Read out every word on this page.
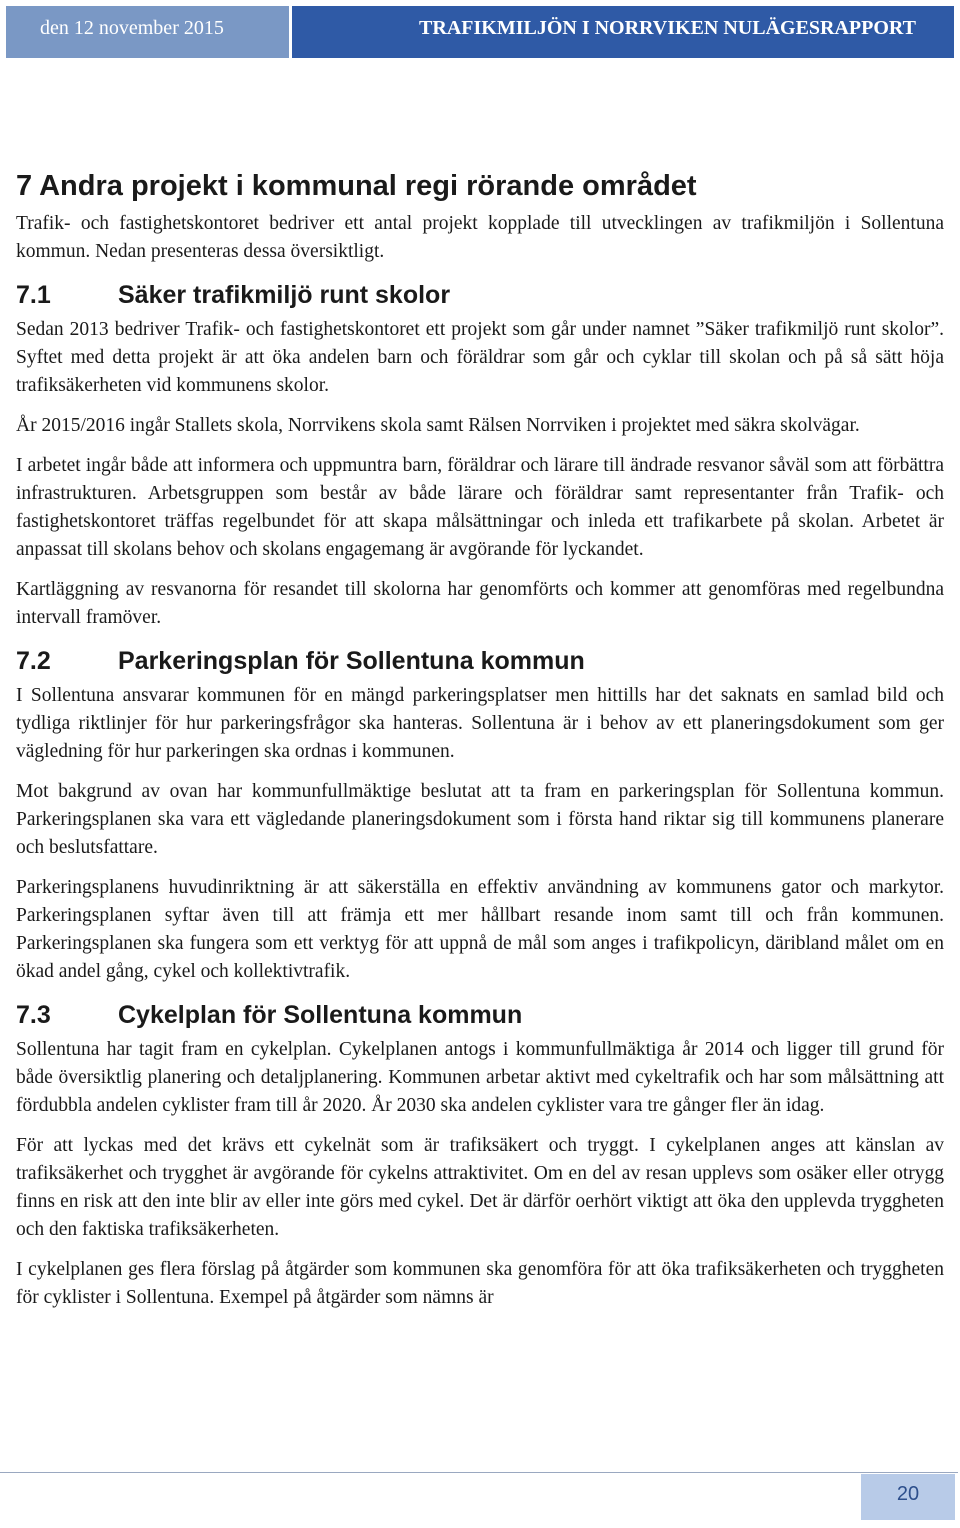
den 12 november 2015	TRAFIKMILJÖN I NORRVIKEN NULÄGESRAPPORT
7 Andra projekt i kommunal regi rörande området

Trafik- och fastighetskontoret bedriver ett antal projekt kopplade till utvecklingen av trafikmiljön i Sollentuna kommun. Nedan presenteras dessa översiktligt.

7.1	Säker trafikmiljö runt skolor

Sedan 2013 bedriver Trafik- och fastighetskontoret ett projekt som går under namnet ”Säker trafikmiljö runt skolor”. Syftet med detta projekt är att öka andelen barn och föräldrar som går och cyklar till skolan och på så sätt höja trafiksäkerheten vid kommunens skolor.

År 2015/2016 ingår Stallets skola, Norrvikens skola samt Rälsen Norrviken i projektet med säkra skolvägar.

I arbetet ingår både att informera och uppmuntra barn, föräldrar och lärare till ändrade resvanor såväl som att förbättra infrastrukturen. Arbetsgruppen som består av både lärare och föräldrar samt representanter från Trafik- och fastighetskontoret träffas regelbundet för att skapa målsättningar och inleda ett trafikarbete på skolan. Arbetet är anpassat till skolans behov och skolans engagemang är avgörande för lyckandet.

Kartläggning av resvanorna för resandet till skolorna har genomförts och kommer att genomföras med regelbundna intervall framöver.

7.2	Parkeringsplan för Sollentuna kommun

I Sollentuna ansvarar kommunen för en mängd parkeringsplatser men hittills har det saknats en samlad bild och tydliga riktlinjer för hur parkeringsfrågor ska hanteras. Sollentuna är i behov av ett planeringsdokument som ger vägledning för hur parkeringen ska ordnas i kommunen.

Mot bakgrund av ovan har kommunfullmäktige beslutat att ta fram en parkeringsplan för Sollentuna kommun. Parkeringsplanen ska vara ett vägledande planeringsdokument som i första hand riktar sig till kommunens planerare och beslutsfattare.

Parkeringsplanens huvudinriktning är att säkerställa en effektiv användning av kommunens gator och markytor. Parkeringsplanen syftar även till att främja ett mer hållbart resande inom samt till och från kommunen. Parkeringsplanen ska fungera som ett verktyg för att uppnå de mål som anges i trafikpolicyn, däribland målet om en ökad andel gång, cykel och kollektivtrafik.

7.3	Cykelplan för Sollentuna kommun

Sollentuna har tagit fram en cykelplan. Cykelplanen antogs i kommunfullmäktiga år 2014 och ligger till grund för både översiktlig planering och detaljplanering. Kommunen arbetar aktivt med cykeltrafik och har som målsättning att fördubbla andelen cyklister fram till år 2020. År 2030 ska andelen cyklister vara tre gånger fler än idag.

För att lyckas med det krävs ett cykelnät som är trafiksäkert och tryggt. I cykelplanen anges att känslan av trafiksäkerhet och trygghet är avgörande för cykelns attraktivitet. Om en del av resan upplevs som osäker eller otrygg finns en risk att den inte blir av eller inte görs med cykel. Det är därför oerhört viktigt att öka den upplevda tryggheten och den faktiska trafiksäkerheten.

I cykelplanen ges flera förslag på åtgärder som kommunen ska genomföra för att öka trafiksäkerheten och tryggheten för cyklister i Sollentuna. Exempel på åtgärder som nämns är

20
